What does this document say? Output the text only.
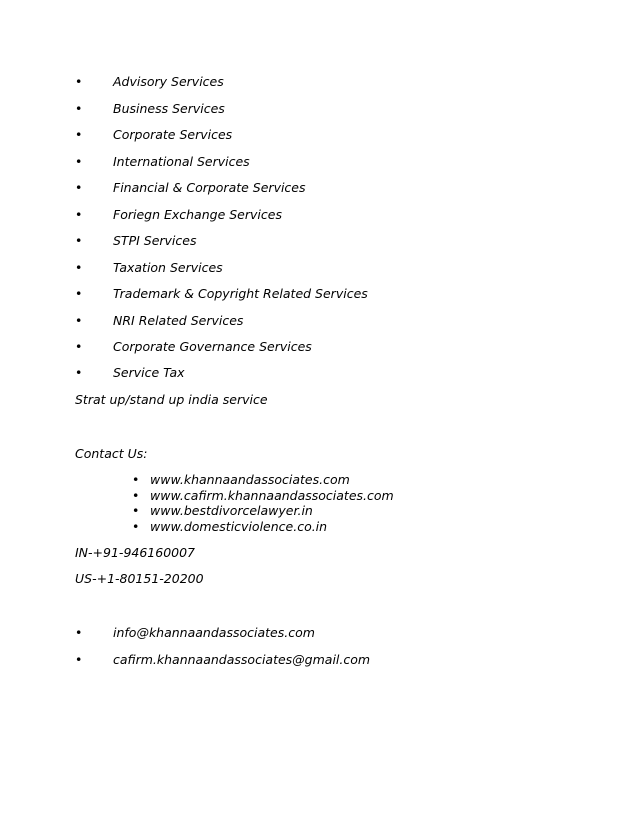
• Advisory Services
• Business Services
• Corporate Services
• International Services
• Financial & Corporate Services
• Foriegn Exchange Services
• STPI Services
• Taxation Services
• Trademark & Copyright Related Services
• NRI Related Services
• Corporate Governance Services
• Service Tax
Strat up/stand up india service
Contact Us:
• www.khannaandassociates.com
• www.cafirm.khannaandassociates.com
• www.bestdivorcelawyer.in
• www.domesticviolence.co.in
IN-+91-946160007
US-+1-80151-20200
• info@khannaandassociates.com
• cafirm.khannaandassociates@gmail.com
